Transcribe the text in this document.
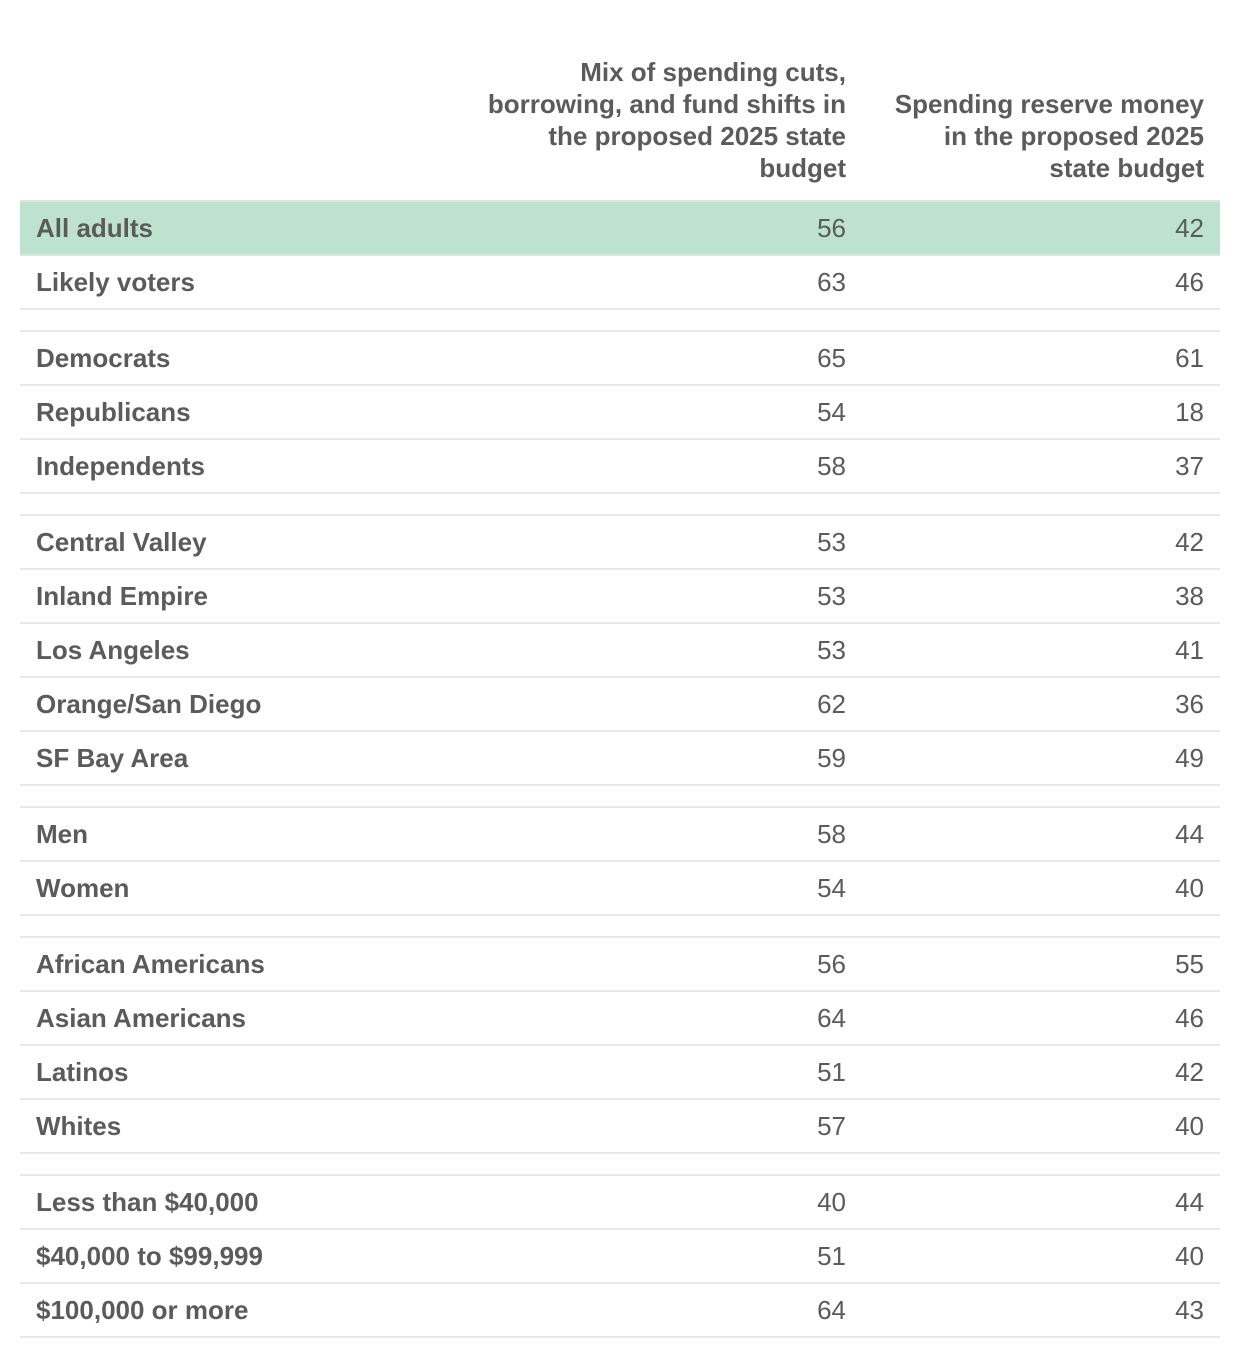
Mix of spending cuts, borrowing, and fund shifts in the proposed 2025 state budget
Spending reserve money in the proposed 2025 state budget
All adults	56	42
Likely voters	63	46
Democrats	65	61
Republicans	54	18
Independents	58	37
Central Valley	53	42
Inland Empire	53	38
Los Angeles	53	41
Orange/San Diego	62	36
SF Bay Area	59	49
Men	58	44
Women	54	40
African Americans	56	55
Asian Americans	64	46
Latinos	51	42
Whites	57	40
Less than $40,000	40	44
$40,000 to $99,999	51	40
$100,000 or more	64	43
